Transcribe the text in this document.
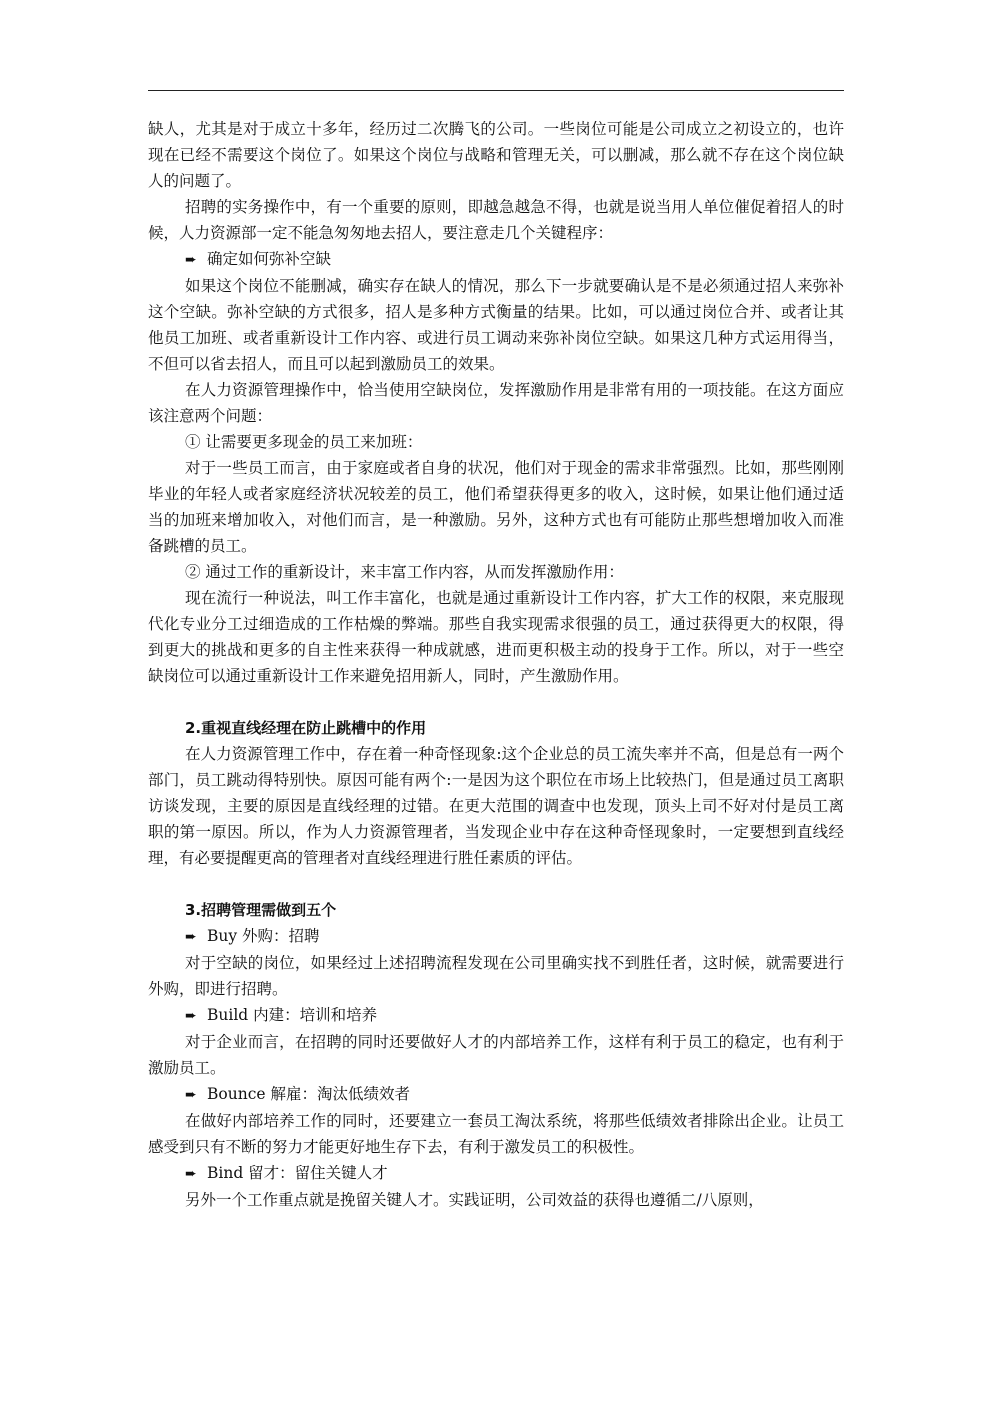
缺人，尤其是对于成立十多年，经历过二次腾飞的公司。一些岗位可能是公司成立之初设立的，也许现在已经不需要这个岗位了。如果这个岗位与战略和管理无关，可以删减，那么就不存在这个岗位缺人的问题了。

招聘的实务操作中，有一个重要的原则，即越急越急不得，也就是说当用人单位催促着招人的时候，人力资源部一定不能急匆匆地去招人，要注意走几个关键程序：

➨ 确定如何弥补空缺

如果这个岗位不能删减，确实存在缺人的情况，那么下一步就要确认是不是必须通过招人来弥补这个空缺。弥补空缺的方式很多，招人是多种方式衡量的结果。比如，可以通过岗位合并、或者让其他员工加班、或者重新设计工作内容、或进行员工调动来弥补岗位空缺。如果这几种方式运用得当，不但可以省去招人，而且可以起到激励员工的效果。

在人力资源管理操作中，恰当使用空缺岗位，发挥激励作用是非常有用的一项技能。在这方面应该注意两个问题：

① 让需要更多现金的员工来加班：

对于一些员工而言，由于家庭或者自身的状况，他们对于现金的需求非常强烈。比如，那些刚刚毕业的年轻人或者家庭经济状况较差的员工，他们希望获得更多的收入，这时候，如果让他们通过适当的加班来增加收入，对他们而言，是一种激励。另外，这种方式也有可能防止那些想增加收入而准备跳槽的员工。

② 通过工作的重新设计，来丰富工作内容，从而发挥激励作用：

现在流行一种说法，叫工作丰富化，也就是通过重新设计工作内容，扩大工作的权限，来克服现代化专业分工过细造成的工作枯燥的弊端。那些自我实现需求很强的员工，通过获得更大的权限，得到更大的挑战和更多的自主性来获得一种成就感，进而更积极主动的投身于工作。所以，对于一些空缺岗位可以通过重新设计工作来避免招用新人，同时，产生激励作用。

2.重视直线经理在防止跳槽中的作用

在人力资源管理工作中，存在着一种奇怪现象:这个企业总的员工流失率并不高，但是总有一两个部门，员工跳动得特别快。原因可能有两个:一是因为这个职位在市场上比较热门，但是通过员工离职访谈发现，主要的原因是直线经理的过错。在更大范围的调查中也发现，顶头上司不好对付是员工离职的第一原因。所以，作为人力资源管理者，当发现企业中存在这种奇怪现象时，一定要想到直线经理，有必要提醒更高的管理者对直线经理进行胜任素质的评估。

3.招聘管理需做到五个

➨ Buy 外购：招聘

对于空缺的岗位，如果经过上述招聘流程发现在公司里确实找不到胜任者，这时候，就需要进行外购，即进行招聘。

➨ Build 内建：培训和培养

对于企业而言，在招聘的同时还要做好人才的内部培养工作，这样有利于员工的稳定，也有利于激励员工。

➨ Bounce 解雇：淘汰低绩效者

在做好内部培养工作的同时，还要建立一套员工淘汰系统，将那些低绩效者排除出企业。让员工感受到只有不断的努力才能更好地生存下去，有利于激发员工的积极性。

➨ Bind 留才：留住关键人才

另外一个工作重点就是挽留关键人才。实践证明，公司效益的获得也遵循二/八原则，
